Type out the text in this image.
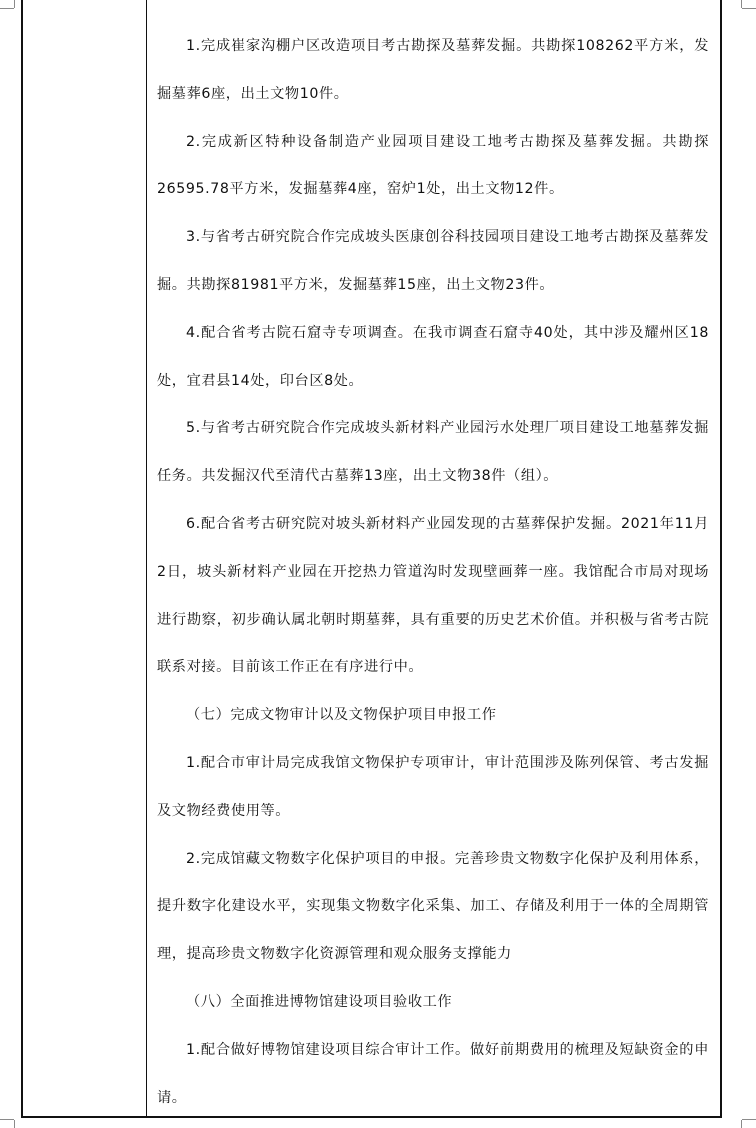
1.完成崔家沟棚户区改造项目考古勘探及墓葬发掘。共勘探108262平方米，发掘墓葬6座，出土文物10件。

2.完成新区特种设备制造产业园项目建设工地考古勘探及墓葬发掘。共勘探26595.78平方米，发掘墓葬4座，窑炉1处，出土文物12件。

3.与省考古研究院合作完成坡头医康创谷科技园项目建设工地考古勘探及墓葬发掘。共勘探81981平方米，发掘墓葬15座，出土文物23件。

4.配合省考古院石窟寺专项调查。在我市调查石窟寺40处，其中涉及耀州区18处，宜君县14处，印台区8处。

5.与省考古研究院合作完成坡头新材料产业园污水处理厂项目建设工地墓葬发掘任务。共发掘汉代至清代古墓葬13座，出土文物38件（组）。

6.配合省考古研究院对坡头新材料产业园发现的古墓葬保护发掘。2021年11月2日，坡头新材料产业园在开挖热力管道沟时发现壁画葬一座。我馆配合市局对现场进行勘察，初步确认属北朝时期墓葬，具有重要的历史艺术价值。并积极与省考古院联系对接。目前该工作正在有序进行中。

（七）完成文物审计以及文物保护项目申报工作

1.配合市审计局完成我馆文物保护专项审计，审计范围涉及陈列保管、考古发掘及文物经费使用等。

2.完成馆藏文物数字化保护项目的申报。完善珍贵文物数字化保护及利用体系，提升数字化建设水平，实现集文物数字化采集、加工、存储及利用于一体的全周期管理，提高珍贵文物数字化资源管理和观众服务支撑能力

（八）全面推进博物馆建设项目验收工作

1.配合做好博物馆建设项目综合审计工作。做好前期费用的梳理及短缺资金的申请。
